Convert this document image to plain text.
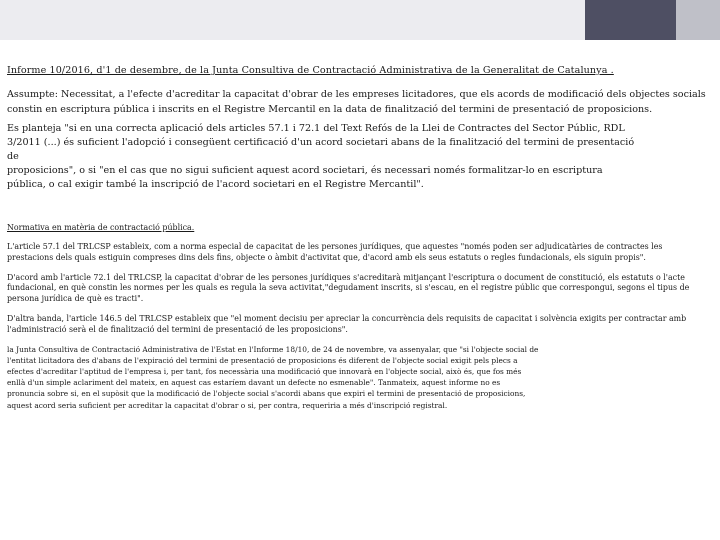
Informe 10/2016, d'1 de desembre, de la Junta Consultiva de Contractació Administrativa de la Generalitat de Catalunya .

Assumpte: Necessitat, a l'efecte d'acreditar la capacitat d'obrar de les empreses licitadores, que els acords de modificació dels objectes socials constin en escriptura pública i inscrits en el Registre Mercantil en la data de finalització del termini de presentació de proposicions.

Es planteja "si en una correcta aplicació dels articles 57.1 i 72.1 del Text Refós de la Llei de Contractes del Sector Públic, RDL
3/2011 (...) és suficient l'adopció i consegüent certificació d'un acord societari abans de la finalització del termini de presentació
de
proposicions", o si "en el cas que no sigui suficient aquest acord societari, és necessari només formalitzar-lo en escriptura
pública, o cal exigir també la inscripció de l'acord societari en el Registre Mercantil".

Normativa en matèria de contractació pública.

L'article 57.1 del TRLCSP estableix, com a norma especial de capacitat de les persones jurídiques, que aquestes "només poden ser adjudicatàries de contractes les prestacions dels quals estiguin compreses dins dels fins, objecte o àmbit d'activitat que, d'acord amb els seus estatuts o regles fundacionals, els siguin propis".

D'acord amb l'article 72.1 del TRLCSP, la capacitat d'obrar de les persones jurídiques s'acreditarà mitjançant l'escriptura o document de constitució, els estatuts o l'acte fundacional, en què constin les normes per les quals es regula la seva activitat,"degudament inscrits, si s'escau, en el registre públic que correspongui, segons el tipus de persona jurídica de què es tracti".

D'altra banda, l'article 146.5 del TRLCSP estableix que "el moment decisiu per apreciar la concurrència dels requisits de capacitat i solvència exigits per contractar amb l'administració serà el de finalització del termini de presentació de les proposicions".

la Junta Consultiva de Contractació Administrativa de l'Estat en l'Informe 18/10, de 24 de novembre, va assenyalar, que "si l'objecte social de
l'entitat licitadora des d'abans de l'expiració del termini de presentació de proposicions és diferent de l'objecte social exigit pels plecs a
efectes d'acreditar l'aptitud de l'empresa i, per tant, fos necessària una modificació que innovarà en l'objecte social, això és, que fos més
enllà d'un simple aclariment del mateix, en aquest cas estaríem davant un defecte no esmenable". Tanmateix, aquest informe no es
pronuncia sobre si, en el supòsit que la modificació de l'objecte social s'acordi abans que expiri el termini de presentació de proposicions,
aquest acord seria suficient per acreditar la capacitat d'obrar o si, per contra, requeriria a més d'inscripció registral.
